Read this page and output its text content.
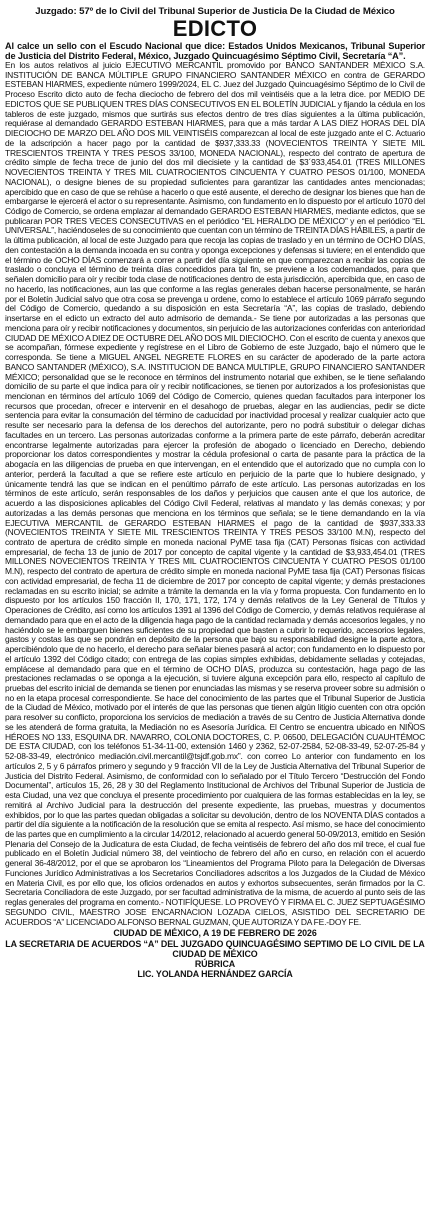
Juzgado: 57º de lo Civil del Tribunal Superior de Justicia De la Ciudad de México
EDICTO
Al calce un sello con el Escudo Nacional que dice: Estados Unidos Mexicanos, Tribunal Superior de Justicia del Distrito Federal, México, Juzgado Quincuagésimo Séptimo Civil, Secretaría “A”.
En los autos relativos al juicio EJECUTIVO MERCANTIL promovido por BANCO SANTANDER MÉXICO S.A. INSTITUCIÓN DE BANCA MÚLTIPLE GRUPO FINANCIERO SANTANDER MÉXICO en contra de GERARDO ESTEBAN HIARMES, expediente número 1999/2024, EL C. Juez del Juzgado Quincuagésimo Séptimo de lo Civil de Proceso Escrito dicto auto de fecha dieciocho de febrero del dos mil veintiséis que a la letra dice. por MEDIO DE EDICTOS QUE SE PUBLIQUEN TRES DÍAS CONSECUTIVOS EN EL BOLETÍN JUDICIAL y fijando la cédula en los tableros de este juzgado, mismos que surtirás sus efectos dentro de tres días siguientes a la última publicación, requiérase al demandado GERARDO ESTEBAN HIARMES, para que a más tardar A LAS DIEZ HORAS DEL DÍA DIECIOCHO DE MARZO DEL AÑO DOS MIL VEINTISÉIS comparezcan al local de este juzgado ante el C. Actuario de la adscripción a hacer pago por la cantidad de $937,333.33 (NOVECIENTOS TREINTA Y SIETE MIL TRESCIENTOS TREINTA Y TRES PESOS 33/100, MONEDA NACIONAL), respecto del contrato de apertura de crédito simple de fecha trece de junio del dos mil diecisiete y la cantidad de $3´933,454.01 (TRES MILLONES NOVECIENTOS TREINTA Y TRES MIL CUATROCIENTOS CINCUENTA Y CUATRO PESOS 01/100, MONEDA NACIONAL), o designe bienes de su propiedad suficientes para garantizar las cantidades antes mencionadas; apercibido que en caso de que se rehúse a hacerlo o que esté ausente, el derecho de designar los bienes que han de embargarse le ejercerá el actor o su representante. Asimismo, con fundamento en lo dispuesto por el artículo 1070 del Código de Comercio, se ordena emplazar al demandado GERARDO ESTEBAN HIARMES, mediante edictos, que se publicaran POR TRES VECES CONSECUTIVAS en el periódico “EL HERALDO DE MÉXICO” y en el periódico “EL UNIVERSAL”, haciéndoseles de su conocimiento que cuentan con un término de TREINTA DÍAS HÁBILES, a partir de la última publicación, al local de este Juzgado para que recoja las copias de traslado y en un término de OCHO DÍAS, den contestación a la demanda incoada en su contra y oponga excepciones y defensas si tuviere; en el entendido que el término de OCHO DÍAS comenzará a correr a partir del día siguiente en que comparezcan a recibir las copias de traslado o concluya el término de treinta días concedidos para tal fin, se previene a los codemandados, para que señalen domicilio para oír y recibir toda clase de notificaciones dentro de esta jurisdicción, apercibida que, en caso de no hacerlo, las notificaciones, aun las que conforme a las reglas generales deban hacerse personalmente, se harán por el Boletín Judicial salvo que otra cosa se prevenga u ordene, como lo establece el artículo 1069 párrafo segundo del Código de Comercio, quedando a su disposición en esta Secretaría “A”, las copias de traslado, debiendo insertarse en el edicto un extracto del auto admisorio de demanda.- Se tiene por autorizadas a las personas que menciona para oír y recibir notificaciones y documentos, sin perjuicio de las autorizaciones conferidas con anterioridad CIUDAD DE MÉXICO A DIEZ DE OCTUBRE DEL AÑO DOS MIL DIECIOCHO. Con el escrito de cuenta y anexos que se acompañan, fórmese expediente y regístrese en el Libro de Gobierno de este Juzgado, bajo el número que le corresponda. Se tiene a MIGUEL ANGEL NEGRETE FLORES en su carácter de apoderado de la parte actora BANCO SANTANDER (MÉXICO), S.A. INSTITUCION DE BANCA MULTIPLE, GRUPO FINANCIERO SANTANDER MÉXICO; personalidad que se le reconoce en términos del instrumento notarial que exhiben, se le tiene señalando domicilio de su parte el que indica para oír y recibir notificaciones, se tienen por autorizados a los profesionistas que mencionan en términos del artículo 1069 del Código de Comercio, quienes quedan facultados para interponer los recursos que procedan, ofrecer e intervenir en el desahogo de pruebas, alegar en las audiencias, pedir se dicte sentencia para evitar la consumación del término de caducidad por inactividad procesal y realizar cualquier acto que resulte ser necesario para la defensa de los derechos del autorizante, pero no podrá substituir o delegar dichas facultades en un tercero. Las personas autorizadas conforme a la primera parte de este párrafo, deberán acreditar encontrarse legalmente autorizadas para ejercer la profesión de abogado o licenciado en Derecho, debiendo proporcionar los datos correspondientes y mostrar la cédula profesional o carta de pasante para la práctica de la abogacía en las diligencias de prueba en que intervengan, en el entendido que el autorizado que no cumpla con lo anterior, perderá la facultad a que se refiere este artículo en perjuicio de la parte que lo hubiere designado, y únicamente tendrá las que se indican en el penúltimo párrafo de este artículo. Las personas autorizadas en los términos de este artículo, serán responsables de los daños y perjuicios que causen ante el que los autorice, de acuerdo a las disposiciones aplicables del Código Civil Federal, relativas al mandato y las demás conexas; y por autorizadas a las demás personas que menciona en los términos que señala; se le tiene demandando en la vía EJECUTIVA MERCANTIL de GERARDO ESTEBAN HIARMES el pago de la cantidad de $937,333.33 (NOVECIENTOS TREINTA Y SIETE MIL TRESCIENTOS TREINTA Y TRES PESOS 33/100 M.N), respecto del contrato de apertura de crédito simple en moneda nacional PyME tasa fija (CAT) Personas físicas con actividad empresarial, de fecha 13 de junio de 2017 por concepto de capital vigente y la cantidad de $3,933,454.01 (TRES MILLONES NOVECIENTOS TREINTA Y TRES MIL CUATROCIENTOS CINCUENTA Y CUATRO PESOS 01/100 M.N), respecto del contrato de apertura de crédito simple en moneda nacional PyME tasa fija (CAT) Personas físicas con actividad empresarial, de fecha 11 de diciembre de 2017 por concepto de capital vigente; y demás prestaciones reclamadas en su escrito inicial; se admite a trámite la demanda en la vía y forma propuesta. Con fundamento en lo dispuesto por los artículos 150 fracción II, 170, 171, 172, 174 y demás relativos de la Ley General de Títulos y Operaciones de Crédito, así como los artículos 1391 al 1396 del Código de Comercio, y demás relativos requiérase al demandado para que en el acto de la diligencia haga pago de la cantidad reclamada y demás accesorios legales, y no haciéndolo se le embarguen bienes suficientes de su propiedad que basten a cubrir lo requerido, accesorios legales, gastos y costas las que se pondrán en depósito de la persona que bajo su responsabilidad designe la parte actora, apercibiéndolo que de no hacerlo, el derecho para señalar bienes pasará al actor; con fundamento en lo dispuesto por el artículo 1392 del Código citado; con entrega de las copias simples exhibidas, debidamente selladas y cotejadas, emplácese al demandado para que en el término de OCHO DÍAS, produzca su contestación, haga pago de las prestaciones reclamadas o se oponga a la ejecución, si tuviere alguna excepción para ello, respecto al capítulo de pruebas del escrito inicial de demanda se tienen por enunciadas las mismas y se reserva proveer sobre su admisión o no en la etapa procesal correspondiente. Se hace del conocimiento de las partes que el Tribunal Superior de Justicia de la Ciudad de México, motivado por el interés de que las personas que tienen algún litigio cuenten con otra opción para resolver su conflicto, proporciona los servicios de mediación a través de su Centro de Justicia Alternativa donde se les atenderá de forma gratuita, la Mediación no es Asesoría Jurídica. El Centro se encuentra ubicado en NIÑOS HÉROES NO 133, ESQUINA DR. NAVARRO, COLONIA DOCTORES, C. P. 06500, DELEGACIÓN CUAUHTÉMOC DE ESTA CIUDAD, con los teléfonos 51-34-11-00, extensión 1460 y 2362, 52-07-2584, 52-08-33-49, 52-07-25-84 y 52-08-33-49, electrónico mediación.civil.mercantil@tsjdf.gob.mx”. con correo Lo anterior con fundamento en los artículos 2, 5 y 6 párrafos primero y segundo y 9 fracción VII de la Ley de Justicia Alternativa del Tribunal Superior de Justicia del Distrito Federal. Asimismo, de conformidad con lo señalado por el Título Tercero “Destrucción del Fondo Documental”, artículos 15, 26, 28 y 30 del Reglamento Institucional de Archivos del Tribunal Superior de Justicia de esta Ciudad, una vez que concluya el presente procedimiento por cualquiera de las formas establecidas en la ley, se remitirá al Archivo Judicial para la destrucción del presente expediente, las pruebas, muestras y documentos exhibidos, por lo que las partes quedan obligadas a solicitar su devolución, dentro de los NOVENTA DÍAS contados a partir del día siguiente a la notificación de la resolución que se emita al respecto. Así mismo, se hace del conocimiento de las partes que en cumplimiento a la circular 14/2012, relacionado al acuerdo general 50-09/2013, emitido en Sesión Plenaria del Consejo de la Judicatura de esta Ciudad, de fecha veintiséis de febrero del año dos mil trece, el cual fue publicado en el Boletín Judicial número 38, del veintiocho de febrero del año en curso, en relación con el acuerdo general 36-48/2012, por el que se aprobaron los “Lineamientos del Programa Piloto para la Delegación de Diversas Funciones Jurídico Administrativas a los Secretarios Conciliadores adscritos a los Juzgados de la Ciudad de México en Materia Civil, es por ello que, los oficios ordenados en autos y exhortos subsecuentes, serán firmados por la C. Secretaria Conciliadora de este Juzgado, por ser facultad administrativa de la misma, de acuerdo al punto seis de las reglas generales del programa en comento.- NOTIFÍQUESE. LO PROVEYÓ Y FIRMA EL C. JUEZ SEPTUAGÉSIMO SEGUNDO CIVIL, MAESTRO JOSE ENCARNACION LOZADA CIELOS, ASISTIDO DEL SECRETARIO DE ACUERDOS “A” LICENCIADO ALFONSO BERNAL GUZMAN, QUE AUTORIZA Y DA FE.-DOY FE.
CIUDAD DE MÉXICO, A 19 DE FEBRERO DE 2026
LA SECRETARIA DE ACUERDOS “A” DEL JUZGADO QUINCUAGÉSIMO SEPTIMO DE LO CIVIL DE LA CIUDAD DE MÉXICO
RÚBRICA
LIC. YOLANDA HERNÁNDEZ GARCÍA
